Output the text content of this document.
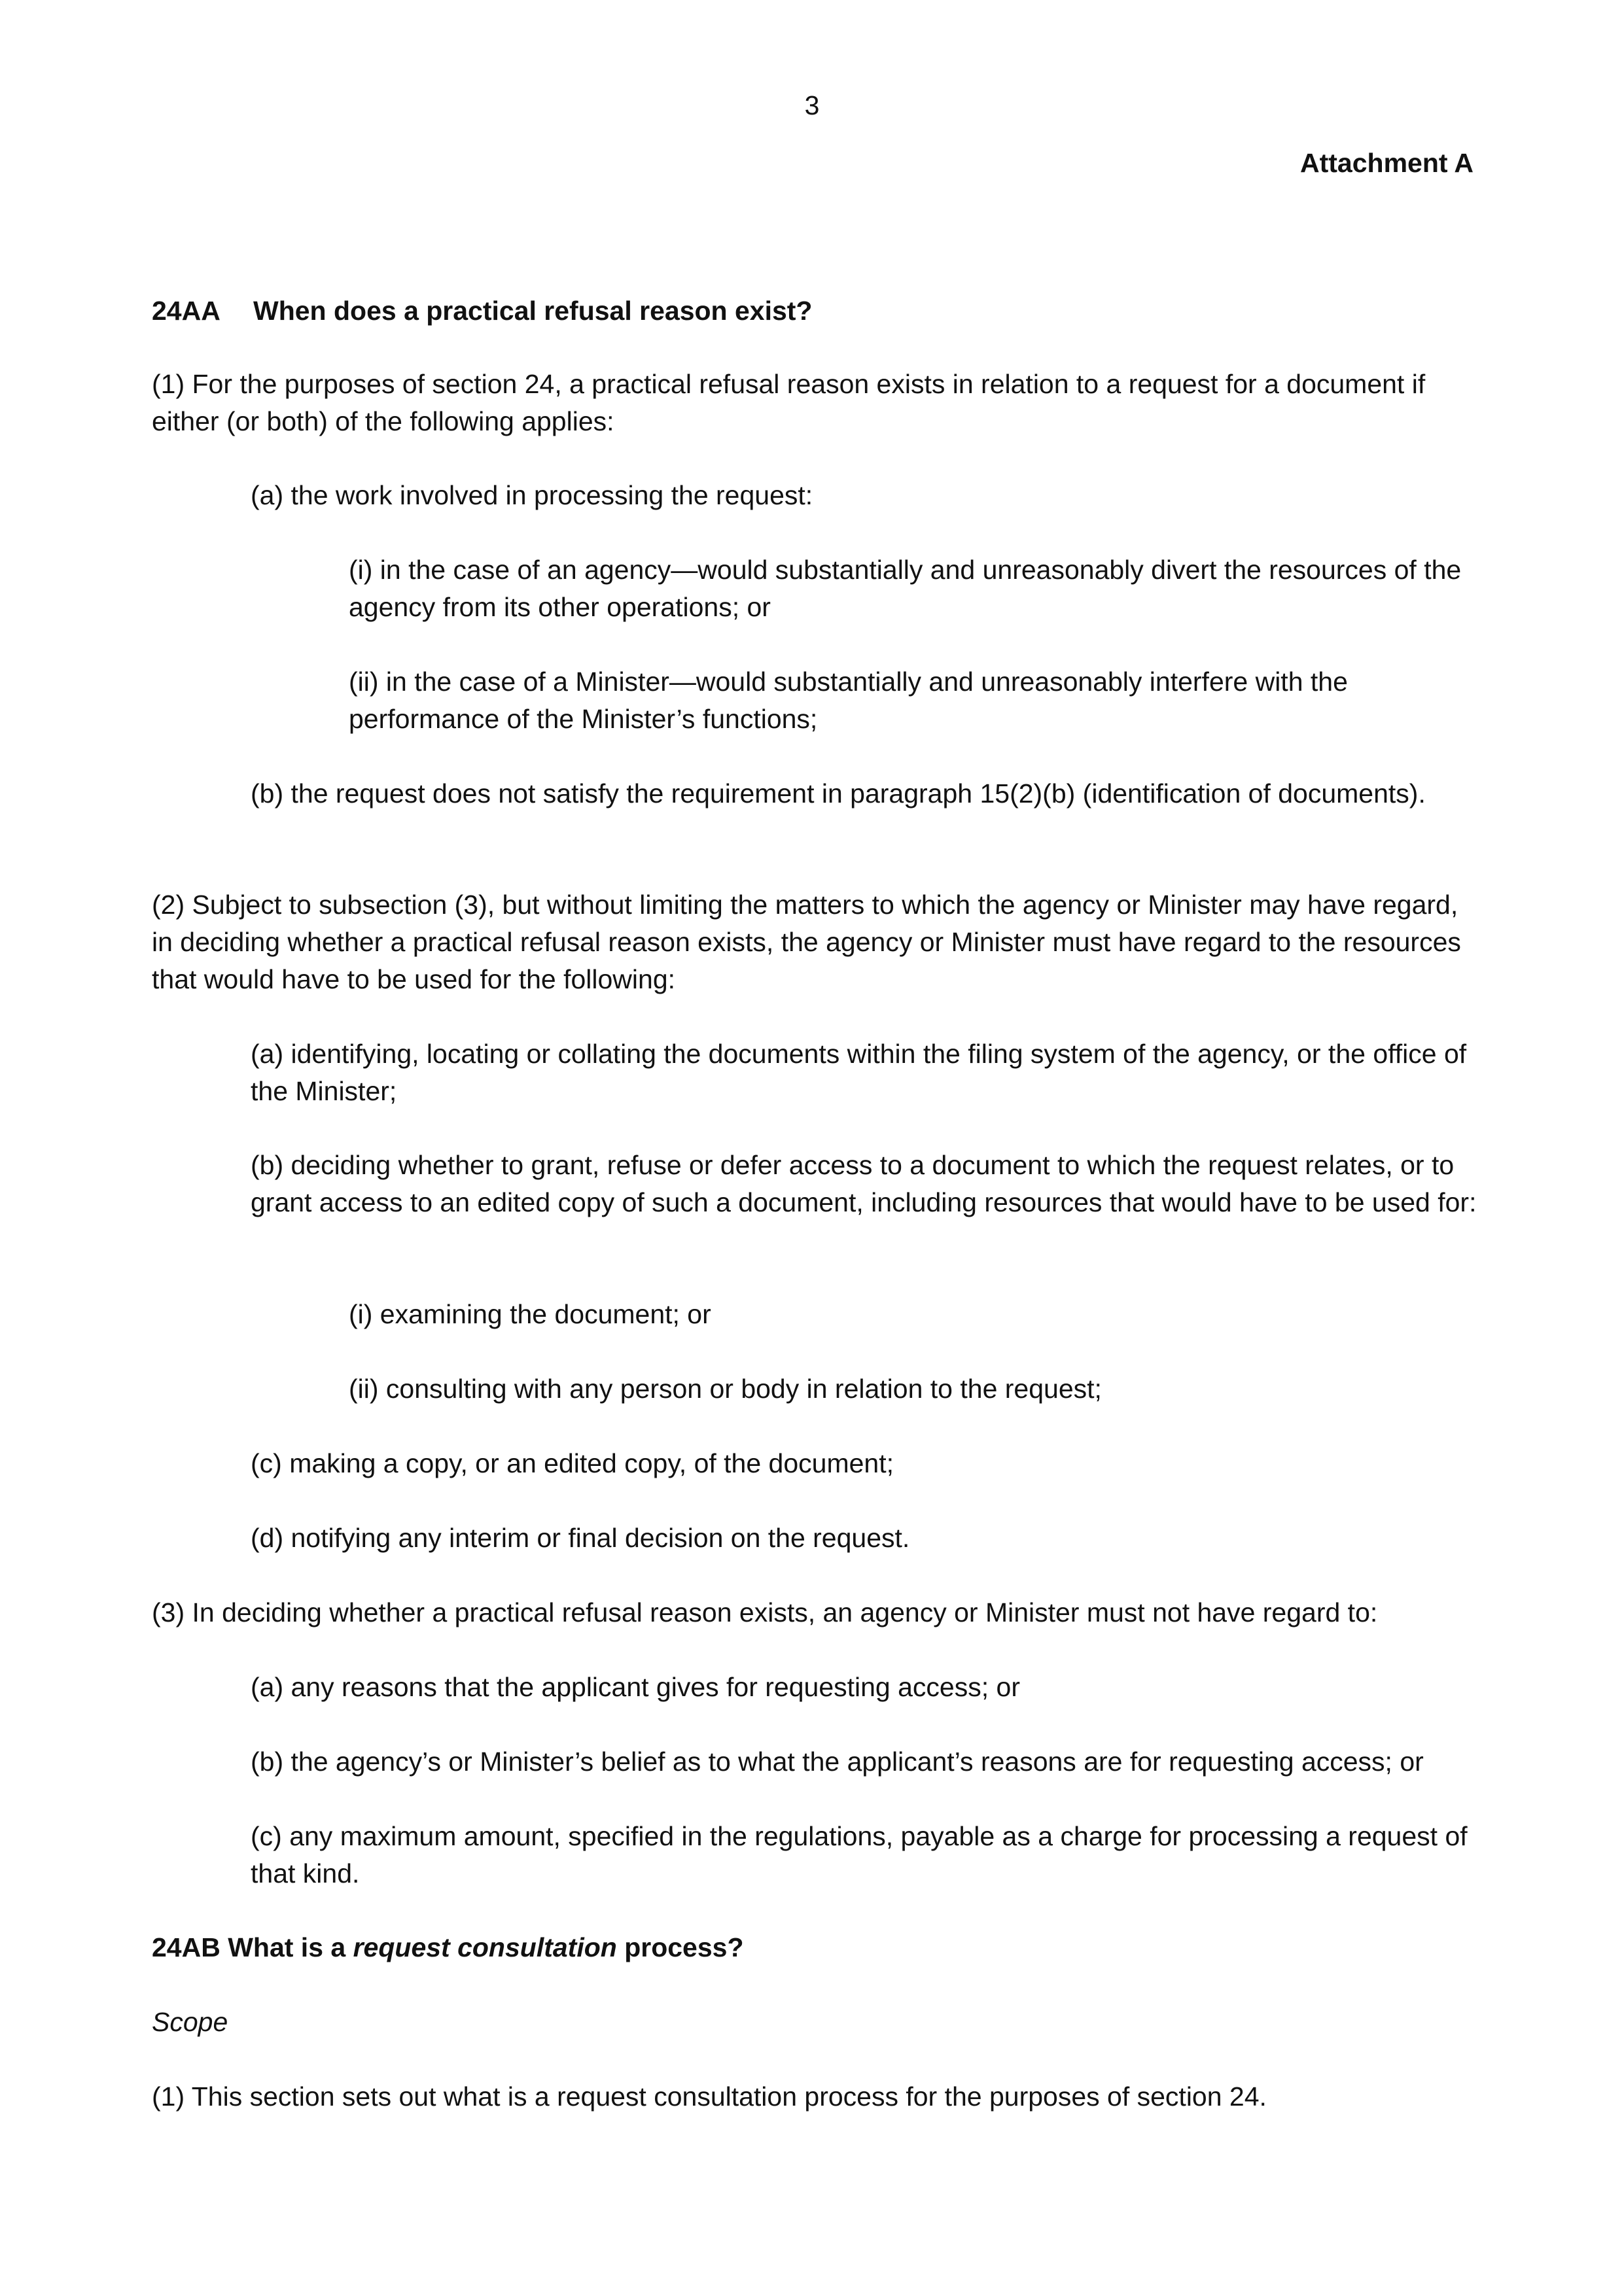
3

Attachment A

24AA When does a practical refusal reason exist?

(1) For the purposes of section 24, a practical refusal reason exists in relation to a request for a document if either (or both) of the following applies:

(a) the work involved in processing the request:

(i) in the case of an agency—would substantially and unreasonably divert the resources of the agency from its other operations; or

(ii) in the case of a Minister—would substantially and unreasonably interfere with the performance of the Minister’s functions;

(b) the request does not satisfy the requirement in paragraph 15(2)(b) (identification of documents).

(2) Subject to subsection (3), but without limiting the matters to which the agency or Minister may have regard, in deciding whether a practical refusal reason exists, the agency or Minister must have regard to the resources that would have to be used for the following:

(a) identifying, locating or collating the documents within the filing system of the agency, or the office of the Minister;

(b) deciding whether to grant, refuse or defer access to a document to which the request relates, or to grant access to an edited copy of such a document, including resources that would have to be used for:

(i) examining the document; or

(ii) consulting with any person or body in relation to the request;

(c) making a copy, or an edited copy, of the document;

(d) notifying any interim or final decision on the request.

(3) In deciding whether a practical refusal reason exists, an agency or Minister must not have regard to:

(a) any reasons that the applicant gives for requesting access; or

(b) the agency’s or Minister’s belief as to what the applicant’s reasons are for requesting access; or

(c) any maximum amount, specified in the regulations, payable as a charge for processing a request of that kind.

24AB What is a request consultation process?

Scope

(1) This section sets out what is a request consultation process for the purposes of section 24.
